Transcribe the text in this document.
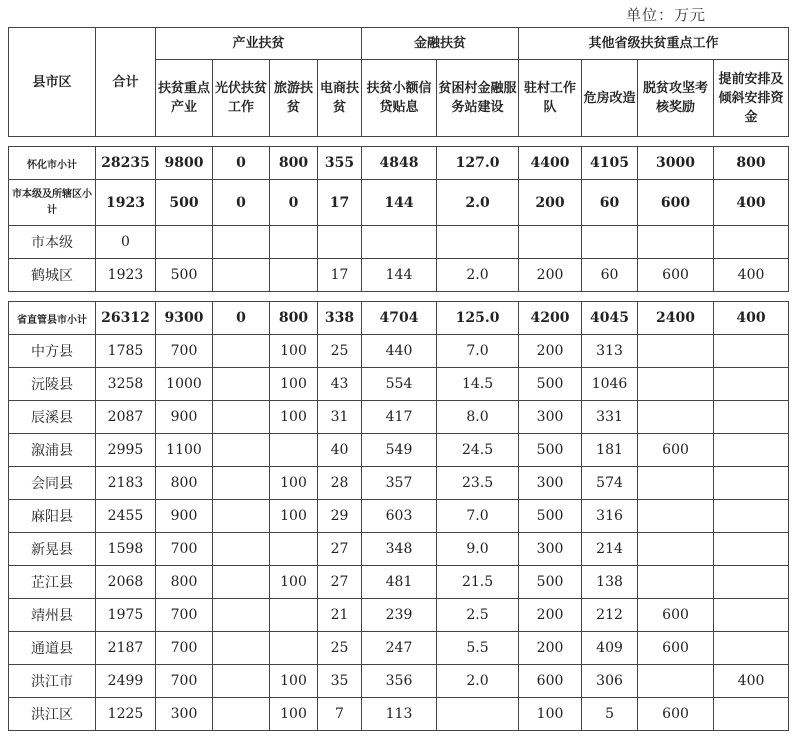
单位：万元
县市区	合计	产业扶贫				金融扶贫		其他省级扶贫重点工作			
		扶贫重点产业	光伏扶贫工作	旅游扶贫	电商扶贫	扶贫小额信贷贴息	贫困村金融服务站建设	驻村工作队	危房改造	脱贫攻坚考核奖励	提前安排及倾斜安排资金

怀化市小计	28235	9800	0	800	355	4848	127.0	4400	4105	3000	800
市本级及所辖区小计	1923	500	0	0	17	144	2.0	200	60	600	400
市本级	0										
鹤城区	1923	500			17	144	2.0	200	60	600	400

省直管县市小计	26312	9300	0	800	338	4704	125.0	4200	4045	2400	400
中方县	1785	700		100	25	440	7.0	200	313		
沅陵县	3258	1000		100	43	554	14.5	500	1046		
辰溪县	2087	900		100	31	417	8.0	300	331		
溆浦县	2995	1100			40	549	24.5	500	181	600	
会同县	2183	800		100	28	357	23.5	300	574		
麻阳县	2455	900		100	29	603	7.0	500	316		
新晃县	1598	700			27	348	9.0	300	214		
芷江县	2068	800		100	27	481	21.5	500	138		
靖州县	1975	700			21	239	2.5	200	212	600	
通道县	2187	700			25	247	5.5	200	409	600	
洪江市	2499	700		100	35	356	2.0	600	306		400
洪江区	1225	300		100	7	113		100	5	600	
